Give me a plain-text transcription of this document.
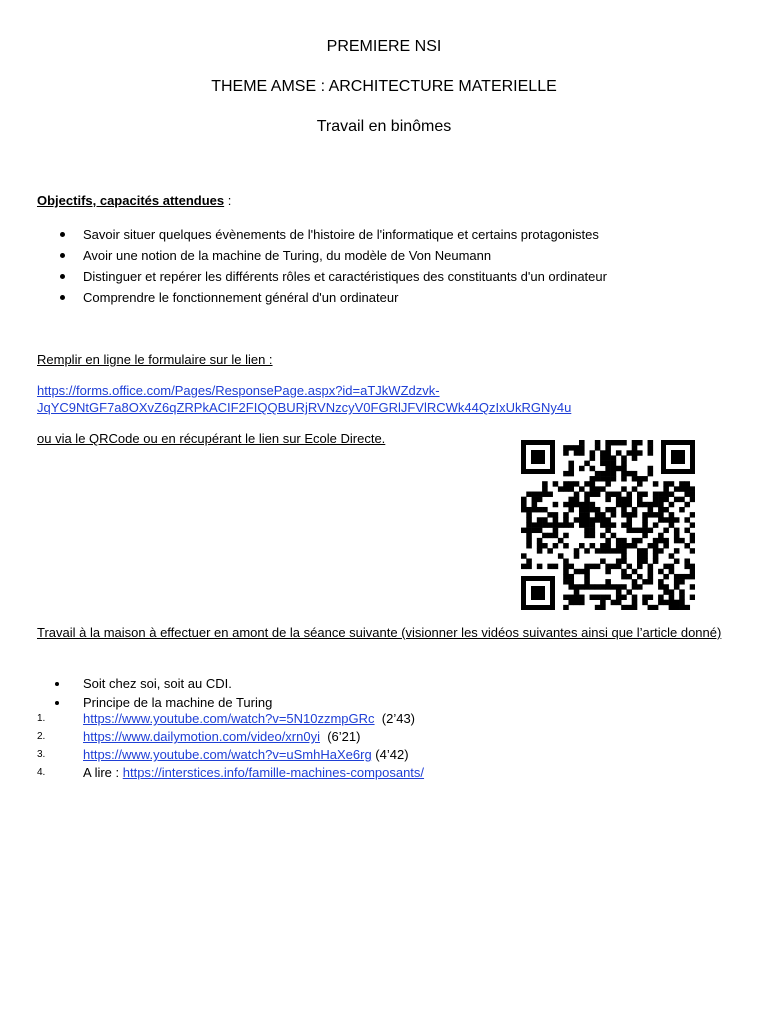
PREMIERE NSI
THEME AMSE : ARCHITECTURE MATERIELLE
Travail en binômes
Objectifs, capacités attendues :
Savoir situer quelques évènements de l'histoire de l'informatique et certains protagonistes
Avoir une notion de la machine de Turing, du modèle de Von Neumann
Distinguer et repérer les différents rôles et caractéristiques des constituants d'un ordinateur
Comprendre le fonctionnement général d'un ordinateur
Remplir en ligne le formulaire sur le lien :
https://forms.office.com/Pages/ResponsePage.aspx?id=aTJkWZdzvk-
JqYC9NtGF7a8OXvZ6qZRPkACIF2FIQQBURjRVNzcyV0FGRlJFVlRCWk44QzIxUkRGNy4u
ou via le QRCode ou en récupérant le lien sur Ecole Directe.
Travail à la maison à effectuer en amont de la séance suivante (visionner les vidéos suivantes ainsi que l’article donné)
Soit chez soi, soit au CDI.
Principe de la machine de Turing
1.	https://www.youtube.com/watch?v=5N10zzmpGRc  (2’43)
2.	https://www.dailymotion.com/video/xrn0yi  (6’21)
3.	https://www.youtube.com/watch?v=uSmhHaXe6rg (4’42)
4.	A lire : https://interstices.info/famille-machines-composants/
